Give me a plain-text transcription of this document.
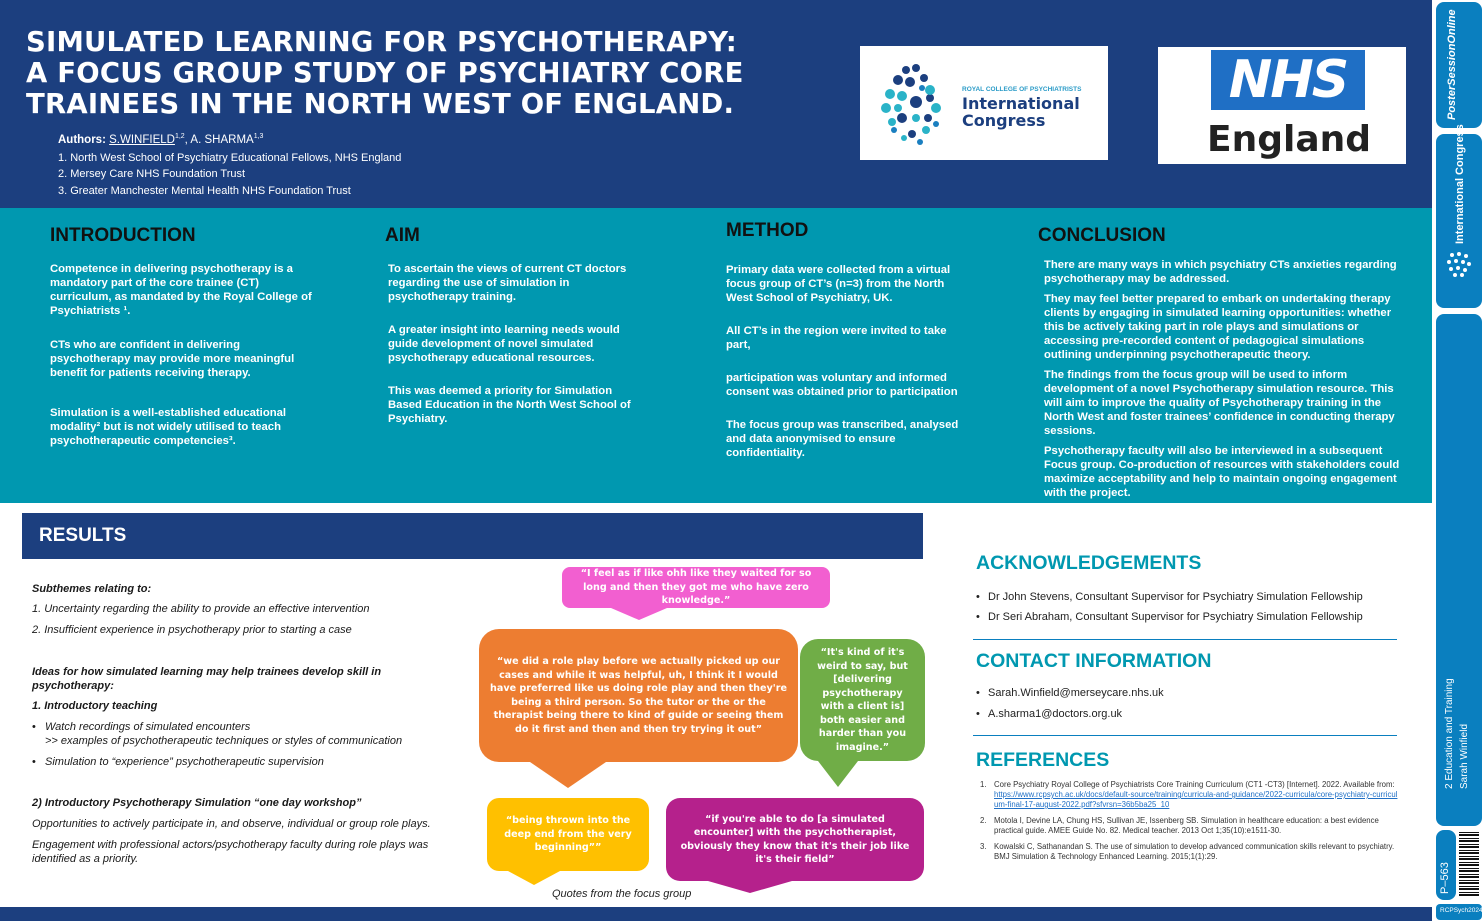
SIMULATED LEARNING FOR PSYCHOTHERAPY:
A FOCUS GROUP STUDY OF PSYCHIATRY CORE
TRAINEES IN THE NORTH WEST OF ENGLAND.
Authors: S.WINFIELD$^{1,2}$, A. SHARMA$^{1,3}$
1. North West School of Psychiatry Educational Fellows, NHS England
2. Mersey Care NHS Foundation Trust
3. Greater Manchester Mental Health NHS Foundation Trust
ROYAL COLLEGE OF PSYCHIATRISTS
International
Congress
NHS
England
INTRODUCTION

Competence in delivering psychotherapy is a mandatory part of the core trainee (CT) curriculum, as mandated by the Royal College of Psychiatrists ¹.

CTs who are confident in delivering psychotherapy may provide more meaningful benefit for patients receiving therapy.

Simulation is a well-established educational modality² but is not widely utilised to teach psychotherapeutic competencies³.

AIM

To ascertain the views of current CT doctors regarding the use of simulation in psychotherapy training.

A greater insight into learning needs would guide development of novel simulated psychotherapy educational resources.

This was deemed a priority for Simulation Based Education in the North West School of Psychiatry.

METHOD

Primary data were collected from a virtual focus group of CT’s (n=3) from the North West School of Psychiatry, UK.

All CT’s in the region were invited to take part,

participation was voluntary and informed consent was obtained prior to participation

The focus group was transcribed, analysed and data anonymised to ensure confidentiality.

CONCLUSION

There are many ways in which psychiatry CTs anxieties regarding psychotherapy may be addressed.

They may feel better prepared to embark on undertaking therapy clients by engaging in simulated learning opportunities: whether this be actively taking part in role plays and simulations or accessing pre-recorded content of pedagogical simulations outlining underpinning psychotherapeutic theory.

The findings from the focus group will be used to inform development of a novel Psychotherapy simulation resource. This will aim to improve the quality of Psychotherapy training in the North West and foster trainees’ confidence in conducting therapy sessions.

Psychotherapy faculty will also be interviewed in a subsequent Focus group. Co-production of resources with stakeholders could maximize acceptability and help to maintain ongoing engagement with the project.

RESULTS
Subthemes relating to:
1. Uncertainty regarding the ability to provide an effective intervention
2. Insufficient experience in psychotherapy prior to starting a case
Ideas for how simulated learning may help trainees develop skill in psychotherapy:
1. Introductory teaching
• Watch recordings of simulated encounters
>> examples of psychotherapeutic techniques or styles of communication
• Simulation to “experience” psychotherapeutic supervision
2) Introductory Psychotherapy Simulation “one day workshop”
Opportunities to actively participate in, and observe, individual or group role plays.
Engagement with professional actors/psychotherapy faculty during role plays was identified as a priority.
“I feel as if like ohh like they waited for so long and then they got me who have zero knowledge.”
“we did a role play before we actually picked up our cases and while it was helpful, uh, I think it I would have preferred like us doing role play and then they're being a third person. So the tutor or the or the therapist being there to kind of guide or seeing them do it first and then and then try trying it out”
“It's kind of it's weird to say, but [delivering psychotherapy with a client is] both easier and harder than you imagine.”
“being thrown into the deep end from the very beginning””
“if you're able to do [a simulated encounter] with the psychotherapist, obviously they know that it's their job like it's their field”
Quotes from the focus group
ACKNOWLEDGEMENTS
• Dr John Stevens, Consultant Supervisor for Psychiatry Simulation Fellowship
• Dr Seri Abraham, Consultant Supervisor for Psychiatry Simulation Fellowship
CONTACT INFORMATION
• Sarah.Winfield@merseycare.nhs.uk
• A.sharma1@doctors.org.uk
REFERENCES
1. Core Psychiatry Royal College of Psychiatrists Core Training Curriculum (CT1 -CT3) [Internet]. 2022. Available from: https://www.rcpsych.ac.uk/docs/default-source/training/curricula-and-guidance/2022-curricula/core-psychiatry-curriculum-final-17-august-2022.pdf?sfvrsn=36b5ba25_10
2. Motola I, Devine LA, Chung HS, Sullivan JE, Issenberg SB. Simulation in healthcare education: a best evidence practical guide. AMEE Guide No. 82. Medical teacher. 2013 Oct 1;35(10):e1511-30.
3. Kowalski C, Sathanandan S. The use of simulation to develop advanced communication skills relevant to psychiatry. BMJ Simulation & Technology Enhanced Learning. 2015;1(1):29.
PosterSessionOnline
International Congress
2 Education and Training Sarah Winfield
P–563
RCPSych2024
